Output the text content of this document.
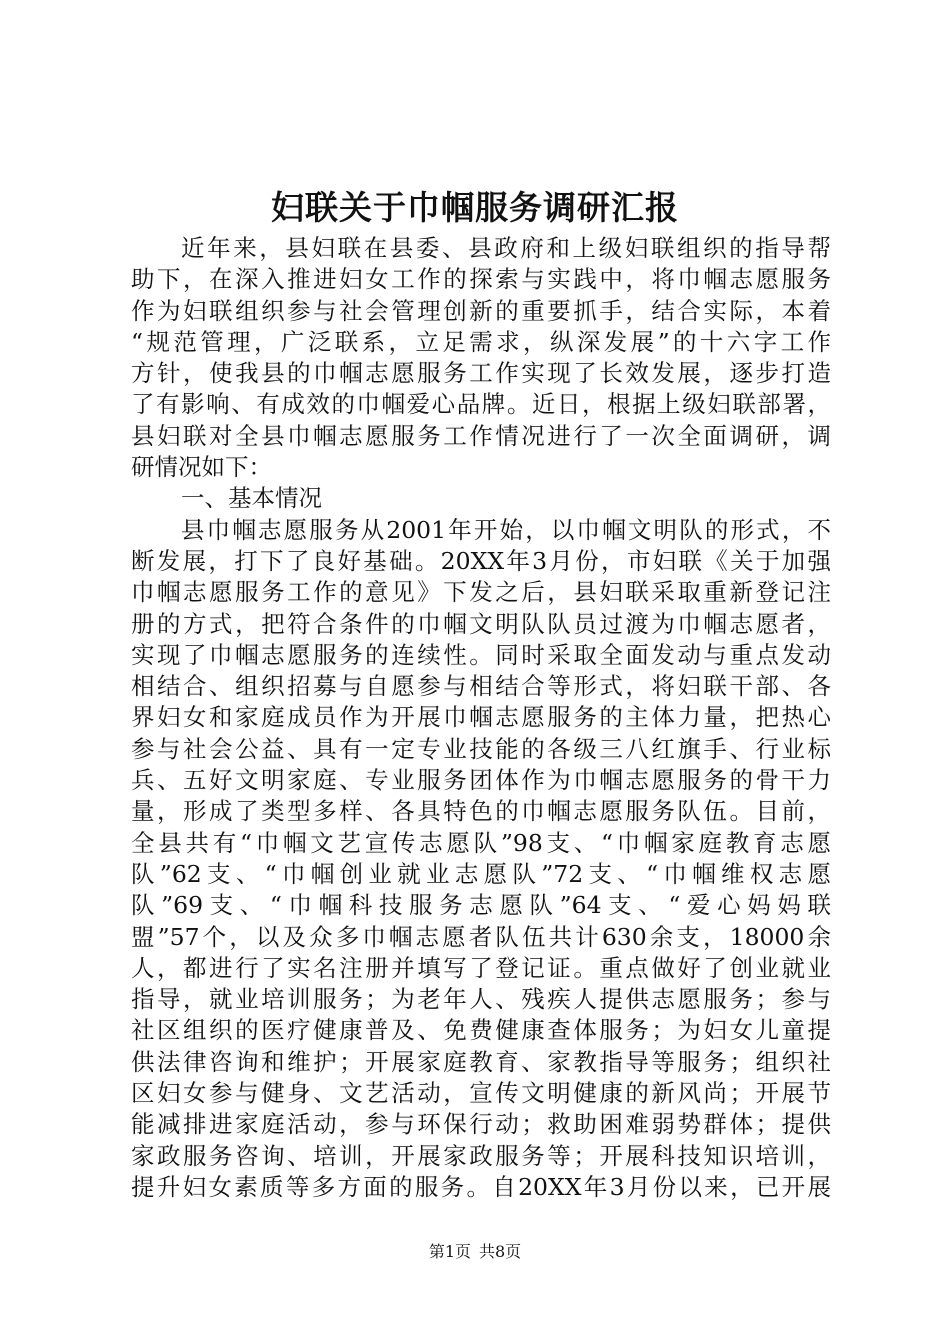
妇联关于巾帼服务调研汇报
近年来，县妇联在县委、县政府和上级妇联组织的指导帮
助下，在深入推进妇女工作的探索与实践中，将巾帼志愿服务
作为妇联组织参与社会管理创新的重要抓手，结合实际，本着
“规范管理，广泛联系，立足需求，纵深发展”的十六字工作
方针，使我县的巾帼志愿服务工作实现了长效发展，逐步打造
了有影响、有成效的巾帼爱心品牌。近日，根据上级妇联部署，
县妇联对全县巾帼志愿服务工作情况进行了一次全面调研，调
研情况如下：
一、基本情况
县巾帼志愿服务从2001年开始，以巾帼文明队的形式，不
断发展，打下了良好基础。20XX年3月份，市妇联《关于加强
巾帼志愿服务工作的意见》下发之后，县妇联采取重新登记注
册的方式，把符合条件的巾帼文明队队员过渡为巾帼志愿者，
实现了巾帼志愿服务的连续性。同时采取全面发动与重点发动
相结合、组织招募与自愿参与相结合等形式，将妇联干部、各
界妇女和家庭成员作为开展巾帼志愿服务的主体力量，把热心
参与社会公益、具有一定专业技能的各级三八红旗手、行业标
兵、五好文明家庭、专业服务团体作为巾帼志愿服务的骨干力
量，形成了类型多样、各具特色的巾帼志愿服务队伍。目前，
全县共有“巾帼文艺宣传志愿队”98支、“巾帼家庭教育志愿
队”62支、“巾帼创业就业志愿队”72支、“巾帼维权志愿
队”69支、“巾帼科技服务志愿队”64支、“爱心妈妈联
盟”57个，以及众多巾帼志愿者队伍共计630余支，18000余
人，都进行了实名注册并填写了登记证。重点做好了创业就业
指导，就业培训服务；为老年人、残疾人提供志愿服务；参与
社区组织的医疗健康普及、免费健康查体服务；为妇女儿童提
供法律咨询和维护；开展家庭教育、家教指导等服务；组织社
区妇女参与健身、文艺活动，宣传文明健康的新风尚；开展节
能减排进家庭活动，参与环保行动；救助困难弱势群体；提供
家政服务咨询、培训，开展家政服务等；开展科技知识培训，
提升妇女素质等多方面的服务。自20XX年3月份以来，已开展
第1页 共8页
